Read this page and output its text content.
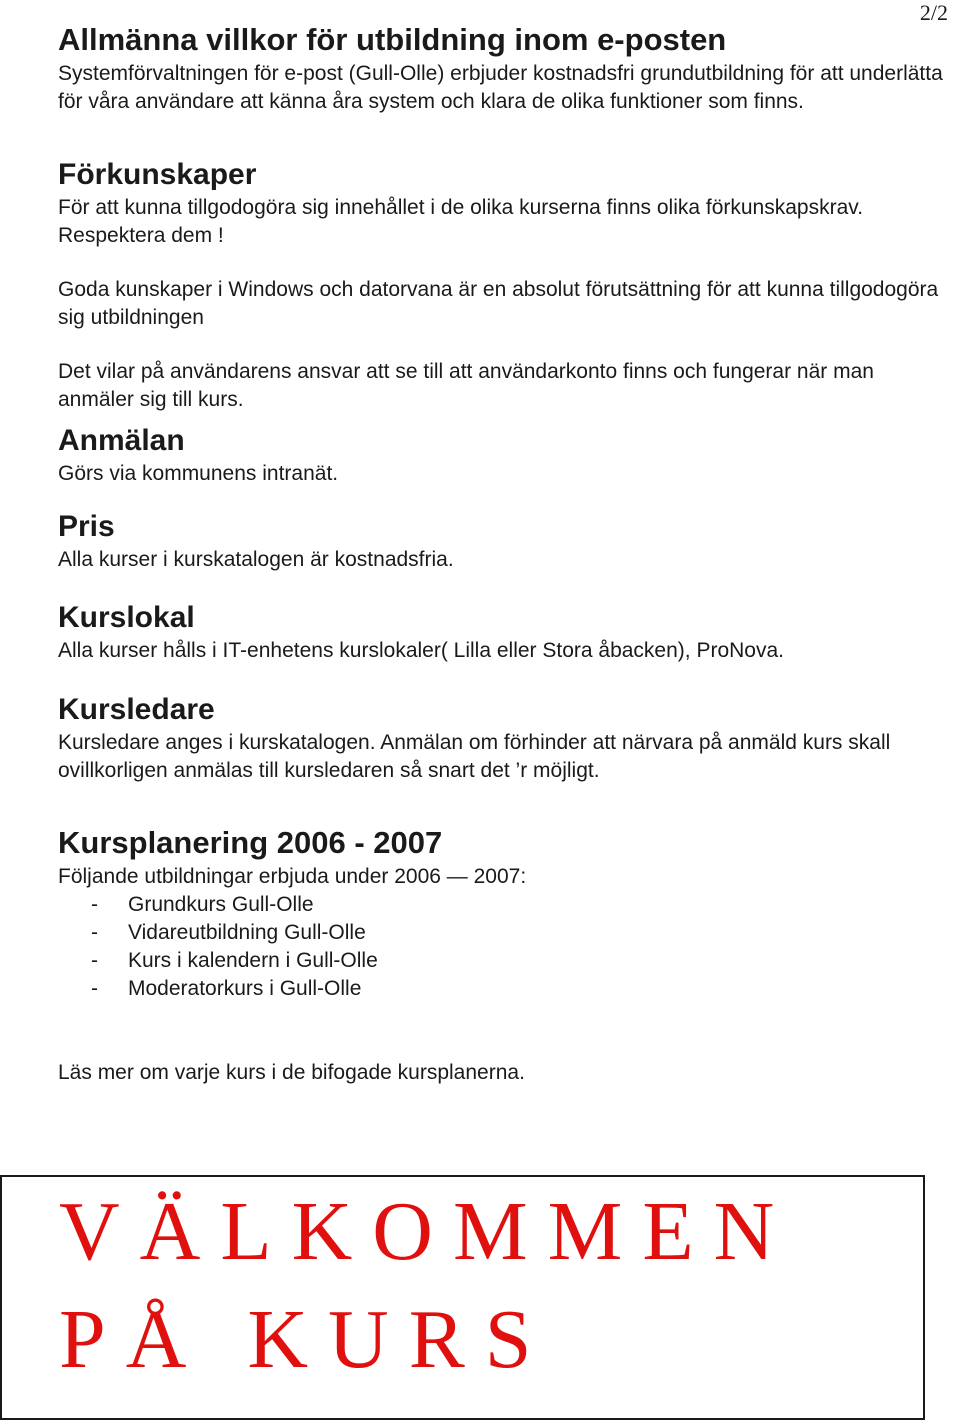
2/2
Allmänna villkor för utbildning inom e-posten

Systemförvaltningen för e-post (Gull-Olle) erbjuder kostnadsfri grundutbildning för att underlätta för våra användare att känna åra system och klara de olika funktioner som finns.

Förkunskaper

För att kunna tillgodogöra sig innehållet i de olika kurserna finns olika förkunskapskrav. Respektera dem !

Goda kunskaper i Windows och datorvana är en absolut förutsättning för att kunna tillgodogöra sig utbildningen

Det vilar på användarens ansvar att se till att användarkonto finns och fungerar när man anmäler sig till kurs.

Anmälan

Görs via kommunens intranät.

Pris

Alla kurser i kurskatalogen är kostnadsfria.

Kurslokal

Alla kurser hålls i IT-enhetens kurslokaler( Lilla eller Stora åbacken), ProNova.

Kursledare

Kursledare anges i kurskatalogen. Anmälan om förhinder att närvara på anmäld kurs skall ovillkorligen anmälas till kursledaren så snart det ’r möjligt.

Kursplanering 2006 - 2007

Följande utbildningar erbjuda under 2006 — 2007:

- Grundkurs Gull-Olle
- Vidareutbildning Gull-Olle
- Kurs i kalendern i Gull-Olle
- Moderatorkurs i Gull-Olle

Läs mer om varje kurs i de bifogade kursplanerna.

VÄLKOMMEN
PÅ KURS
